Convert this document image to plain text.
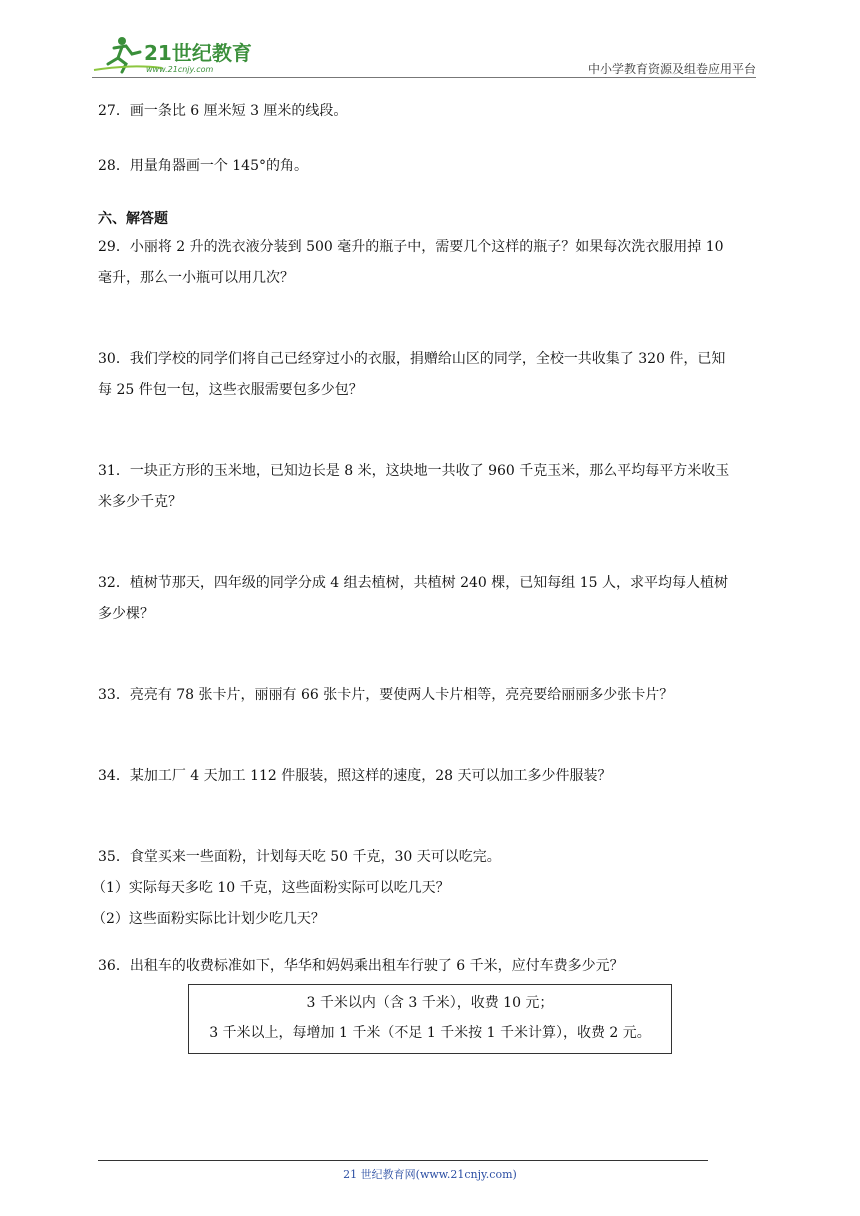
21世纪教育
www.21cnjy.com	中小学教育资源及组卷应用平台

27．画一条比 6 厘米短 3 厘米的线段。

28．用量角器画一个 145°的角。

六、解答题

29．小丽将 2 升的洗衣液分装到 500 毫升的瓶子中，需要几个这样的瓶子？如果每次洗衣服用掉 10

毫升，那么一小瓶可以用几次？

30．我们学校的同学们将自己已经穿过小的衣服，捐赠给山区的同学，全校一共收集了 320 件，已知

每 25 件包一包，这些衣服需要包多少包？

31．一块正方形的玉米地，已知边长是 8 米，这块地一共收了 960 千克玉米，那么平均每平方米收玉

米多少千克？

32．植树节那天，四年级的同学分成 4 组去植树，共植树 240 棵，已知每组 15 人，求平均每人植树

多少棵？

33．亮亮有 78 张卡片，丽丽有 66 张卡片，要使两人卡片相等，亮亮要给丽丽多少张卡片？

34．某加工厂 4 天加工 112 件服装，照这样的速度，28 天可以加工多少件服装？

35．食堂买来一些面粉，计划每天吃 50 千克，30 天可以吃完。

（1）实际每天多吃 10 千克，这些面粉实际可以吃几天？

（2）这些面粉实际比计划少吃几天？

36．出租车的收费标准如下，华华和妈妈乘出租车行驶了 6 千米，应付车费多少元？

3 千米以内（含 3 千米），收费 10 元；
3 千米以上，每增加 1 千米（不足 1 千米按 1 千米计算），收费 2 元。
21 世纪教育网(www.21cnjy.com)
